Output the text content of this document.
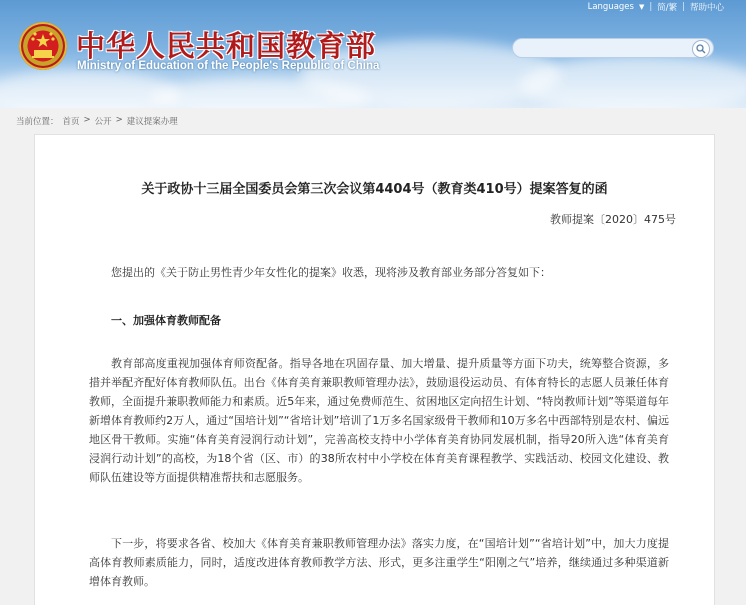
中华人民共和国教育部
Ministry of Education of the People's Republic of China
Languages ▼ | 简/繁 | 帮助中心
当前位置： 首页 > 公开 > 建议提案办理
关于政协十三届全国委员会第三次会议第4404号（教育类410号）提案答复的函
教师提案〔2020〕475号

您提出的《关于防止男性青少年女性化的提案》收悉，现将涉及教育部业务部分答复如下：

一、加强体育教师配备

教育部高度重视加强体育师资配备。指导各地在巩固存量、加大增量、提升质量等方面下功夫，统筹整合资源，多措并举配齐配好体育教师队伍。出台《体育美育兼职教师管理办法》，鼓励退役运动员、有体育特长的志愿人员兼任体育教师，全面提升兼职教师能力和素质。近5年来，通过免费师范生、贫困地区定向招生计划、“特岗教师计划”等渠道每年新增体育教师约2万人，通过“国培计划”“省培计划”培训了1万多名国家级骨干教师和10万多名中西部特别是农村、偏远地区骨干教师。实施“体育美育浸润行动计划”，完善高校支持中小学体育美育协同发展机制，指导20所入选“体育美育浸润行动计划”的高校，为18个省（区、市）的38所农村中小学校在体育美育课程教学、实践活动、校园文化建设、教师队伍建设等方面提供精准帮扶和志愿服务。

下一步，将要求各省、校加大《体育美育兼职教师管理办法》落实力度，在“国培计划”“省培计划”中，加大力度提高体育教师素质能力，同时，适度改进体育教师教学方法、形式，更多注重学生“阳刚之气”培养，继续通过多种渠道新增体育教师。
